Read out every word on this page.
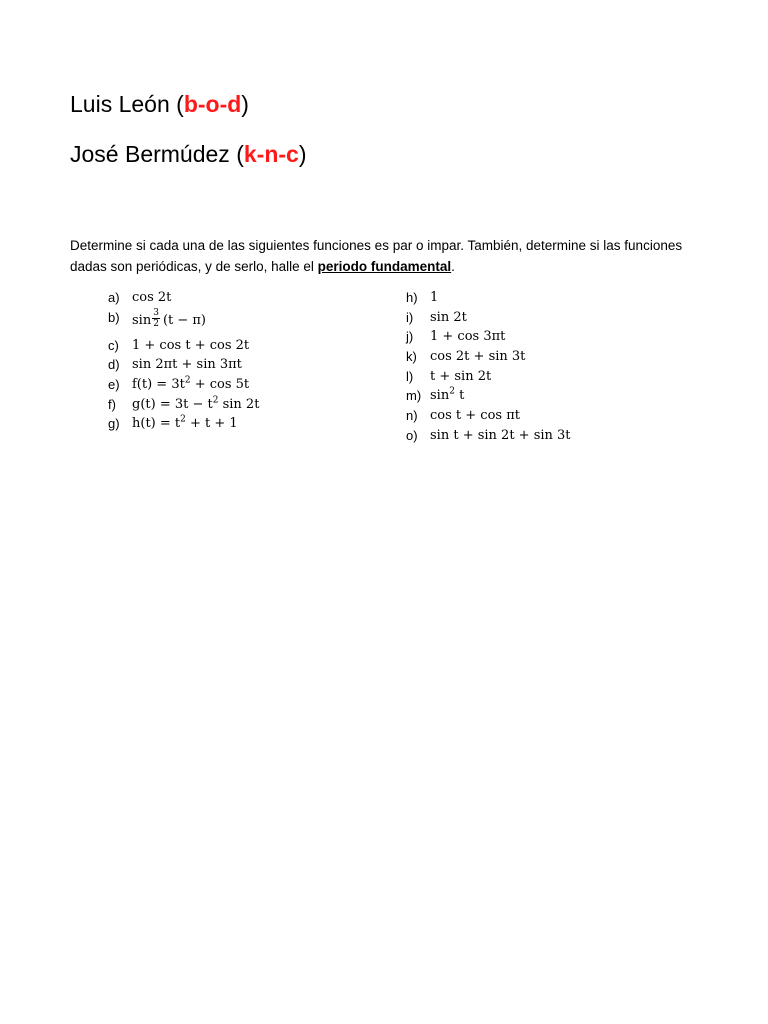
Luis León (b-o-d)
José Bermúdez (k-n-c)
Determine si cada una de las siguientes funciones es par o impar. También, determine si las funciones dadas son periódicas, y de serlo, halle el periodo fundamental.
a) cos 2t
b) $\sin \frac{3}{2} (t - \pi)$
c) 1 + cos t + cos 2t
d) sin 2πt + sin 3πt
e) $f(t) = 3t^2 + \cos 5t$
f) $g(t) = 3t - t^2$ sin 2t
g) $h(t) = t^2 + t + 1$
h) 1
i) sin 2t
j) 1 + cos 3πt
k) cos 2t + sin 3t
l) t + sin 2t
m) $\sin^2 t$
n) cos t + cos πt
o) sin t + sin 2t + sin 3t
